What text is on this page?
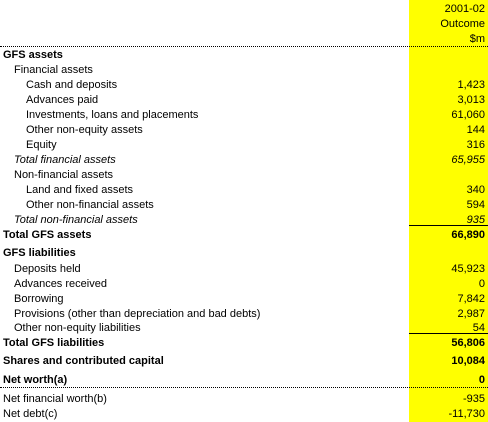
2001-02
Outcome
$m
GFS assets
Financial assets
Cash and deposits	1,423
Advances paid	3,013
Investments, loans and placements	61,060
Other non-equity assets	144
Equity	316
Total financial assets	65,955
Non-financial assets
Land and fixed assets	340
Other non-financial assets	594
Total non-financial assets	935
Total GFS assets	66,890
GFS liabilities
Deposits held	45,923
Advances received	0
Borrowing	7,842
Provisions (other than depreciation and bad debts)	2,987
Other non-equity liabilities	54
Total GFS liabilities	56,806
Shares and contributed capital	10,084
Net worth(a)	0
Net financial worth(b)	-935
Net debt(c)	-11,730
